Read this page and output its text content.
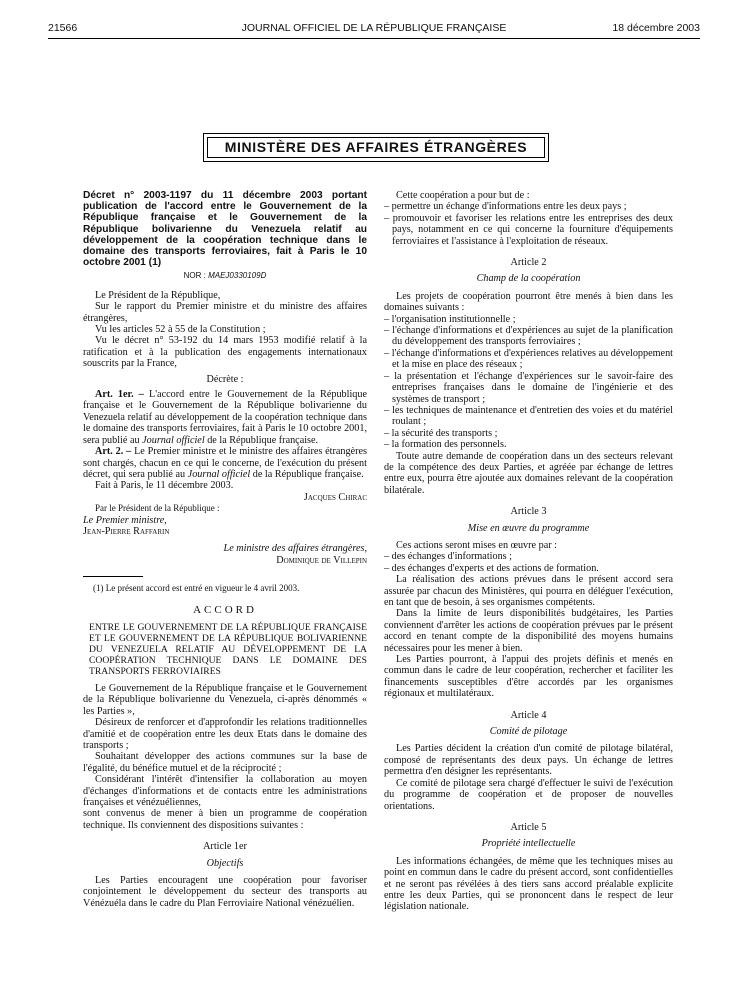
21566	JOURNAL OFFICIEL DE LA RÉPUBLIQUE FRANÇAISE	18 décembre 2003
MINISTÈRE DES AFFAIRES ÉTRANGÈRES

Décret n° 2003-1197 du 11 décembre 2003 portant publication de l'accord entre le Gouvernement de la République française et le Gouvernement de la République bolivarienne du Venezuela relatif au développement de la coopération technique dans le domaine des transports ferroviaires, fait à Paris le 10 octobre 2001 (1)

NOR : MAEJ0330109D

Le Président de la République,

Sur le rapport du Premier ministre et du ministre des affaires étrangères,

Vu les articles 52 à 55 de la Constitution ;

Vu le décret n° 53-192 du 14 mars 1953 modifié relatif à la ratification et à la publication des engagements internationaux souscrits par la France,

Décrète :

Art. 1er. – L'accord entre le Gouvernement de la République française et le Gouvernement de la République bolivarienne du Venezuela relatif au développement de la coopération technique dans le domaine des transports ferroviaires, fait à Paris le 10 octobre 2001, sera publié au Journal officiel de la République française.

Art. 2. – Le Premier ministre et le ministre des affaires étrangères sont chargés, chacun en ce qui le concerne, de l'exécution du présent décret, qui sera publié au Journal officiel de la République française.

Fait à Paris, le 11 décembre 2003.

Jacques Chirac

Par le Président de la République :

Le Premier ministre,

Jean-Pierre Raffarin

Le ministre des affaires étrangères,

Dominique de Villepin

(1) Le présent accord est entré en vigueur le 4 avril 2003.

ACCORD

ENTRE LE GOUVERNEMENT DE LA RÉPUBLIQUE FRANÇAISE ET LE GOUVERNEMENT DE LA RÉPUBLIQUE BOLIVARIENNE DU VENEZUELA RELATIF AU DÉVELOPPEMENT DE LA COOPÉRATION TECHNIQUE DANS LE DOMAINE DES TRANSPORTS FERROVIAIRES

Le Gouvernement de la République française et le Gouvernement de la République bolivarienne du Venezuela, ci-après dénommés « les Parties »,

Désireux de renforcer et d'approfondir les relations traditionnelles d'amitié et de coopération entre les deux Etats dans le domaine des transports ;

Souhaitant développer des actions communes sur la base de l'égalité, du bénéfice mutuel et de la réciprocité ;

Considérant l'intérêt d'intensifier la collaboration au moyen d'échanges d'informations et de contacts entre les administrations françaises et vénézuéliennes,

sont convenus de mener à bien un programme de coopération technique. Ils conviennent des dispositions suivantes :

Article 1er

Objectifs

Les Parties encouragent une coopération pour favoriser conjointement le développement du secteur des transports au Vénézuéla dans le cadre du Plan Ferroviaire National vénézuélien.

Cette coopération a pour but de :

– permettre un échange d'informations entre les deux pays ;

– promouvoir et favoriser les relations entre les entreprises des deux pays, notamment en ce qui concerne la fourniture d'équipements ferroviaires et l'assistance à l'exploitation de réseaux.

Article 2

Champ de la coopération

Les projets de coopération pourront être menés à bien dans les domaines suivants :

– l'organisation institutionnelle ;

– l'échange d'informations et d'expériences au sujet de la planification du développement des transports ferroviaires ;

– l'échange d'informations et d'expériences relatives au développement et la mise en place des réseaux ;

– la présentation et l'échange d'expériences sur le savoir-faire des entreprises françaises dans le domaine de l'ingénierie et des systèmes de transport ;

– les techniques de maintenance et d'entretien des voies et du matériel roulant ;

– la sécurité des transports ;

– la formation des personnels.

Toute autre demande de coopération dans un des secteurs relevant de la compétence des deux Parties, et agréée par échange de lettres entre eux, pourra être ajoutée aux domaines relevant de la coopération bilatérale.

Article 3

Mise en œuvre du programme

Ces actions seront mises en œuvre par :

– des échanges d'informations ;

– des échanges d'experts et des actions de formation.

La réalisation des actions prévues dans le présent accord sera assurée par chacun des Ministères, qui pourra en déléguer l'exécution, en tant que de besoin, à ses organismes compétents.

Dans la limite de leurs disponibilités budgétaires, les Parties conviennent d'arrêter les actions de coopération prévues par le présent accord en tenant compte de la disponibilité des moyens humains nécessaires pour les mener à bien.

Les Parties pourront, à l'appui des projets définis et menés en commun dans le cadre de leur coopération, rechercher et faciliter les financements susceptibles d'être accordés par les organismes régionaux et multilatéraux.

Article 4

Comité de pilotage

Les Parties décident la création d'un comité de pilotage bilatéral, composé de représentants des deux pays. Un échange de lettres permettra d'en désigner les représentants.

Ce comité de pilotage sera chargé d'effectuer le suivi de l'exécution du programme de coopération et de proposer de nouvelles orientations.

Article 5

Propriété intellectuelle

Les informations échangées, de même que les techniques mises au point en commun dans le cadre du présent accord, sont confidentielles et ne seront pas révélées à des tiers sans accord préalable explicite entre les deux Parties, qui se prononcent dans le respect de leur législation nationale.
